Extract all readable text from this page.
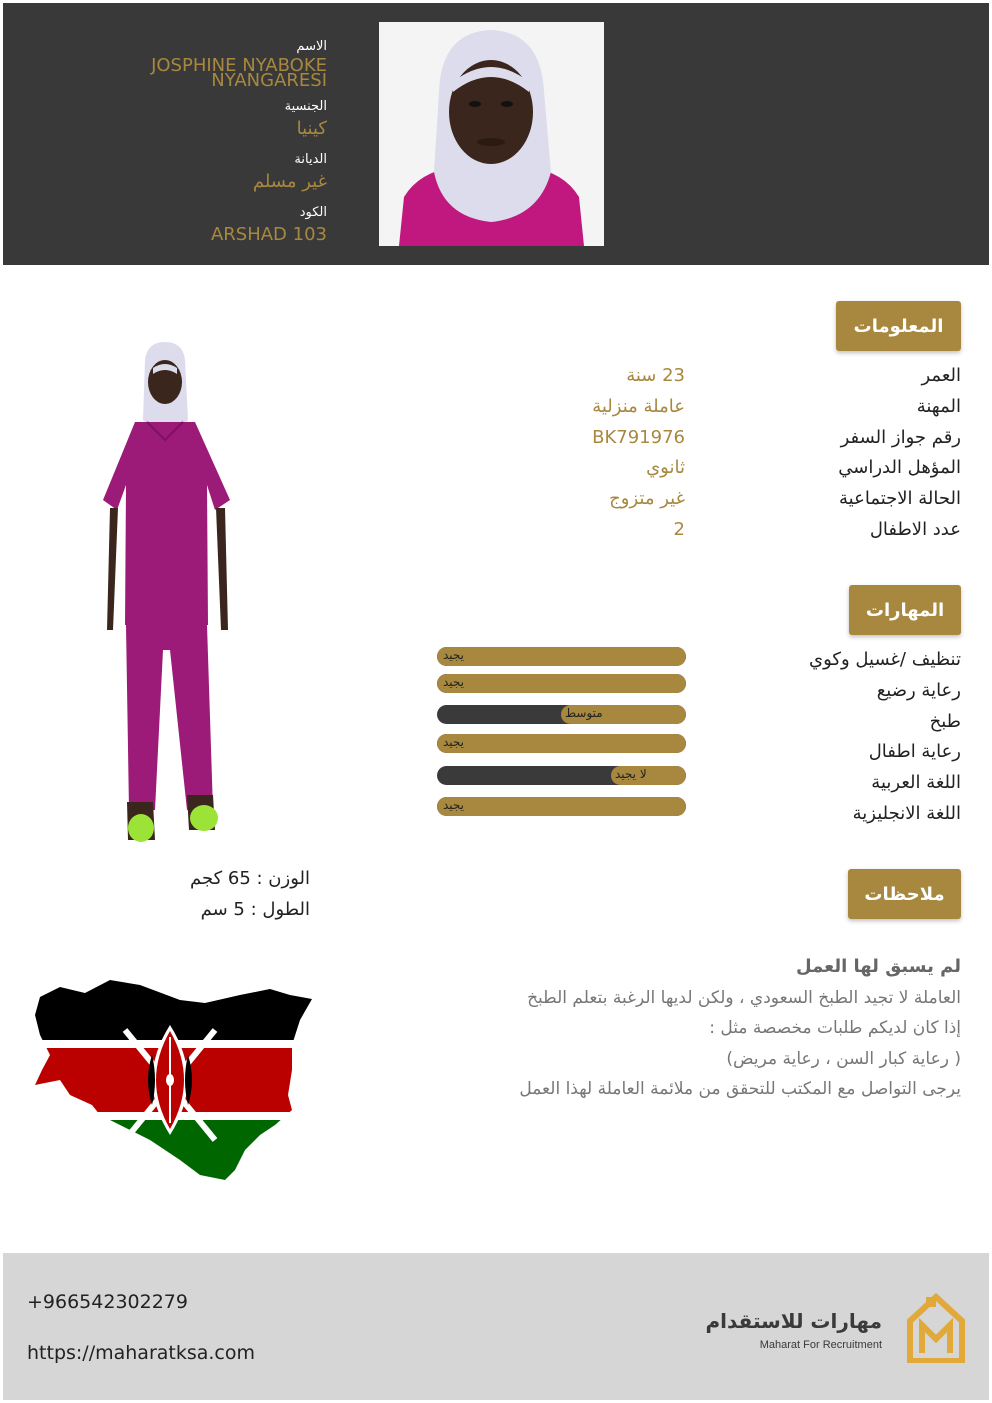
الاسم
JOSPHINE NYABOKE NYANGARESI
الجنسية
كينيا
الديانة
غير مسلم
الكود
ARSHAD 103
المعلومات
العمر
23 سنة
المهنة
عاملة منزلية
رقم جواز السفر
BK791976
المؤهل الدراسي
ثانوي
الحالة الاجتماعية
غير متزوج
عدد الاطفال
2
المهارات
تنظيف /غسيل وكوي
يجيد
رعاية رضيع
يجيد
طبخ
متوسط
رعاية اطفال
يجيد
اللغة العربية
لا يجيد
اللغة الانجليزية
يجيد
الوزن : 65 كجم
الطول : 5 سم
ملاحظات
لم يسبق لها العمل
العاملة لا تجيد الطبخ السعودي ، ولكن لديها الرغبة بتعلم الطبخ
إذا كان لديكم طلبات مخصصة مثل :
( رعاية كبار السن ، رعاية مريض)
يرجى التواصل مع المكتب للتحقق من ملائمة العاملة لهذا العمل
+966542302279
https://maharatksa.com
مهارات للاستقدام
Maharat For Recruitment
